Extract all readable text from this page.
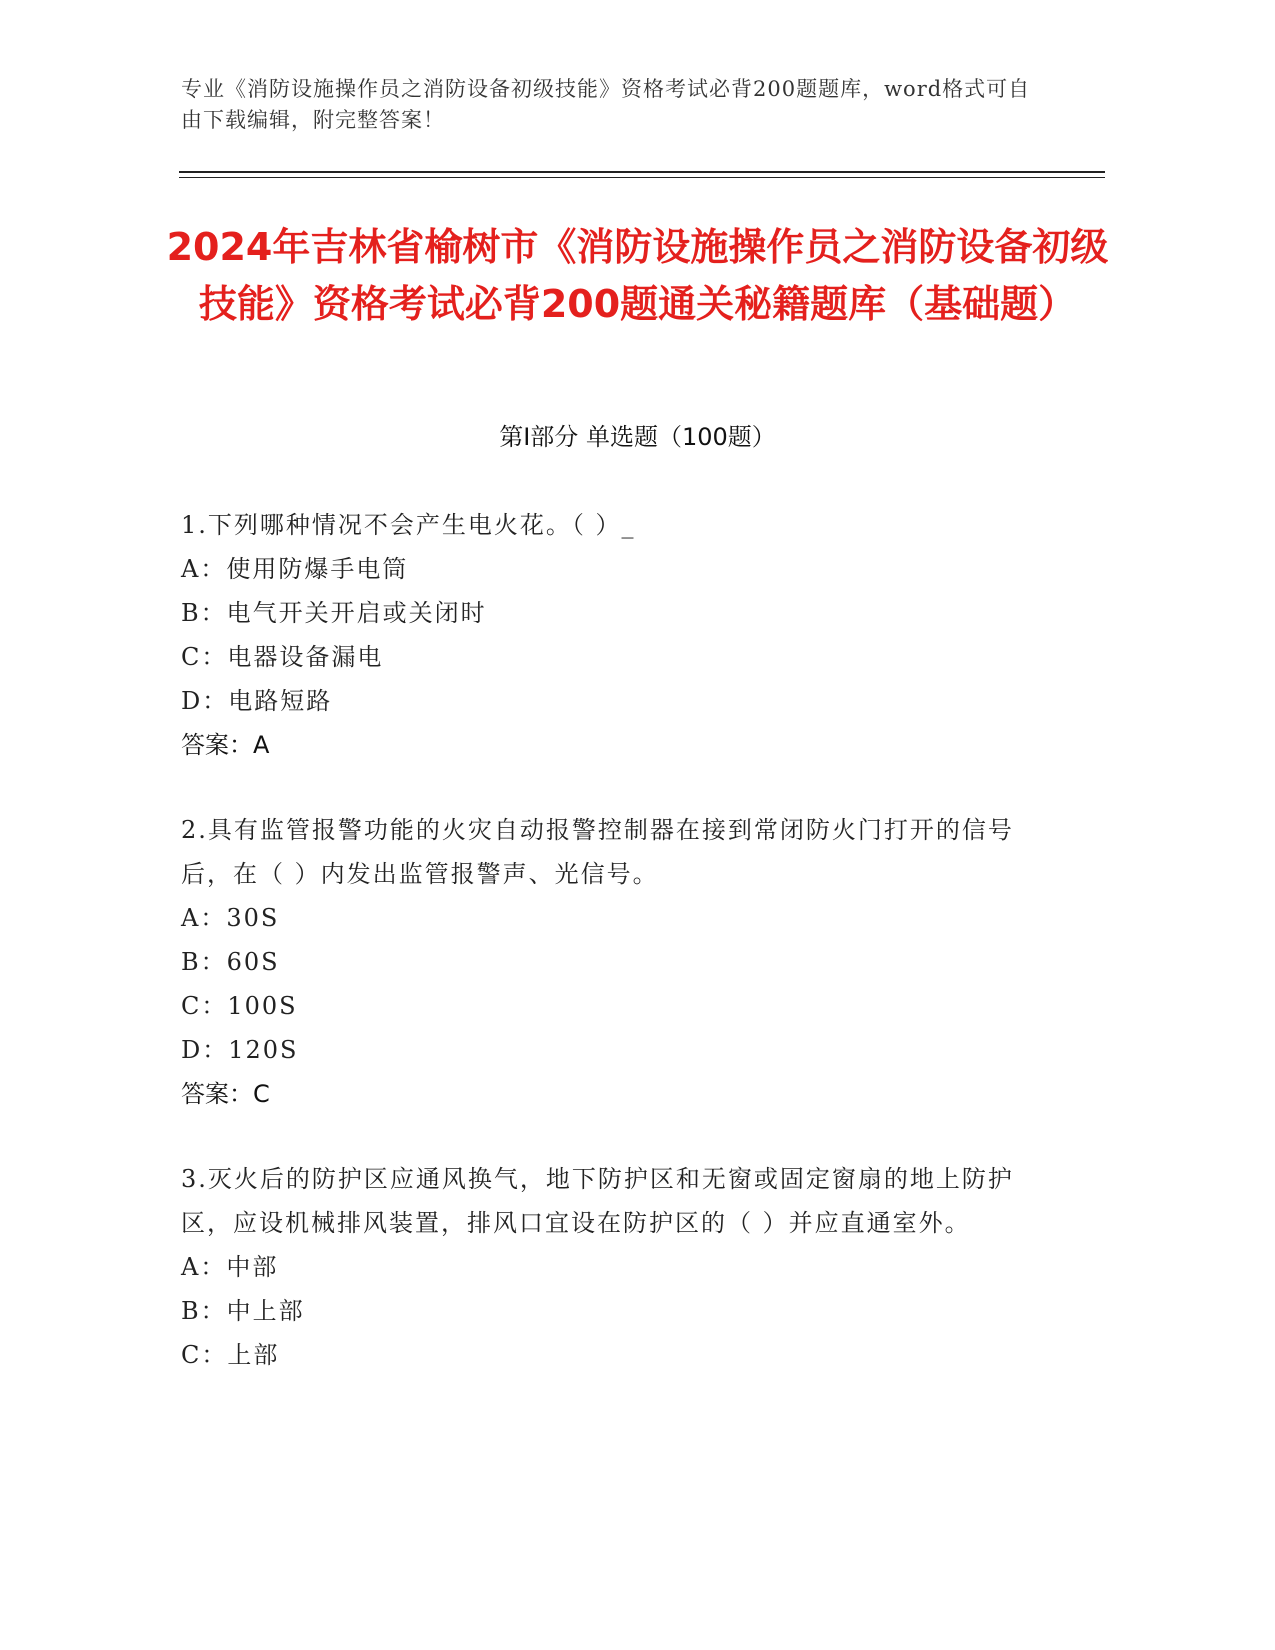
专业《消防设施操作员之消防设备初级技能》资格考试必背200题题库，word格式可自由下载编辑，附完整答案！
2024年吉林省榆树市《消防设施操作员之消防设备初级技能》资格考试必背200题通关秘籍题库（基础题）
第Ⅰ部分 单选题（100题）
1.下列哪种情况不会产生电火花。（ ）_
A：使用防爆手电筒
B：电气开关开启或关闭时
C：电器设备漏电
D：电路短路
答案：A
2.具有监管报警功能的火灾自动报警控制器在接到常闭防火门打开的信号后，在（ ）内发出监管报警声、光信号。
A：30S
B：60S
C：100S
D：120S
答案：C
3.灭火后的防护区应通风换气，地下防护区和无窗或固定窗扇的地上防护区，应设机械排风装置，排风口宜设在防护区的（ ）并应直通室外。
A：中部
B：中上部
C：上部
